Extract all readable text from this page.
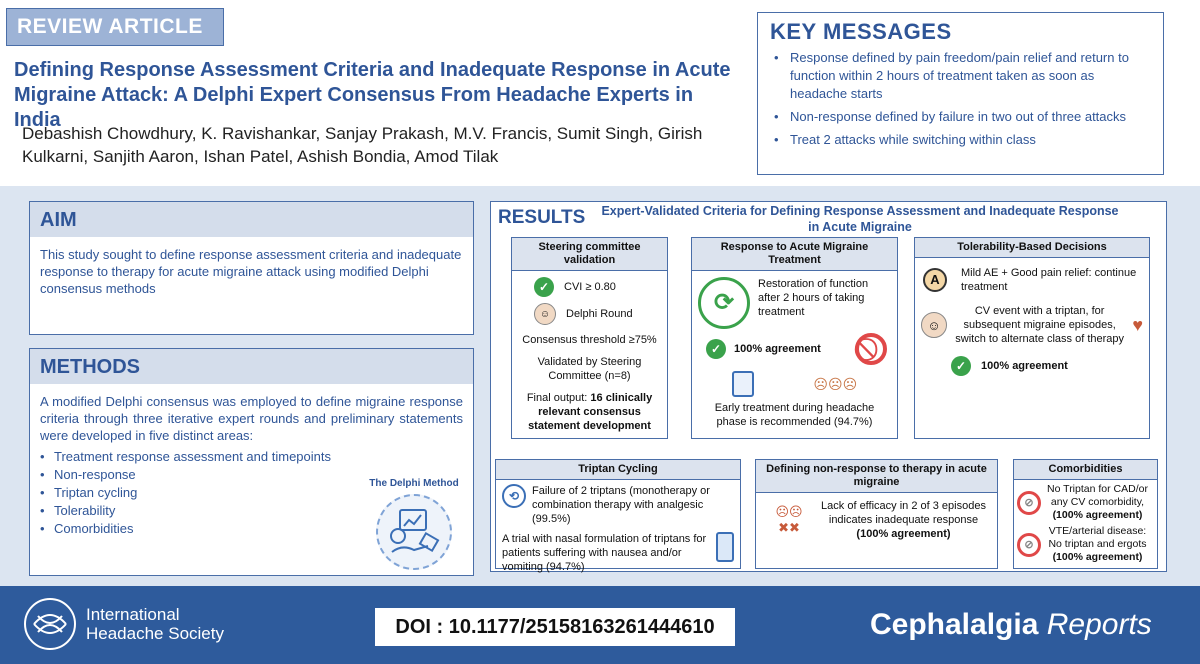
REVIEW ARTICLE
Defining Response Assessment Criteria and Inadequate Response in Acute Migraine Attack: A Delphi Expert Consensus From Headache Experts in India
Debashish Chowdhury, K. Ravishankar, Sanjay Prakash, M.V. Francis, Sumit Singh, Girish Kulkarni, Sanjith Aaron, Ishan Patel, Ashish Bondia, Amod Tilak
KEY MESSAGES
• Response defined by pain freedom/pain relief and return to function within 2 hours of treatment taken as soon as headache starts
• Non-response defined by failure in two out of three attacks
• Treat 2 attacks while switching within class
AIM
This study sought to define response assessment criteria and inadequate response to therapy for acute migraine attack using modified Delphi consensus methods
METHODS
A modified Delphi consensus was employed to define migraine response criteria through three iterative expert rounds and preliminary statements were developed in five distinct areas:
• Treatment response assessment and timepoints
• Non-response
• Triptan cycling
• Tolerability
• Comorbidities
The Delphi Method
RESULTS Expert-Validated Criteria for Defining Response Assessment and Inadequate Response in Acute Migraine
Steering committee validation
✓	CVI ≥ 0.80
☺	Delphi Round
Consensus threshold ≥75%
Validated by Steering Committee (n=8)
Final output: 16 clinically relevant consensus statement development
Response to Acute Migraine Treatment
⟳
Restoration of function after 2 hours of taking treatment
✓	100% agreement
☹☹☹
Early treatment during headache phase is recommended (94.7%)
Tolerability-Based Decisions
A	Mild AE + Good pain relief: continue treatment
☺
CV event with a triptan, for subsequent migraine episodes, switch to alternate class of therapy
♥
✓	100% agreement
Triptan Cycling
⟲	Failure of 2 triptans (monotherapy or combination therapy with analgesic (99.5%)
A trial with nasal formulation of triptans for patients suffering with nausea and/or vomiting (94.7%)
Defining non-response to therapy in acute migraine
☹☹
✖✖
Lack of efficacy in 2 of 3 episodes indicates inadequate response
(100% agreement)
Comorbidities
⊘
No Triptan for CAD/or any CV comorbidity,
(100% agreement)
⊘
VTE/arterial disease: No triptan and ergots
(100% agreement)
International
Headache Society	DOI : 10.1177/25158163261444610	Cephalalgia Reports
